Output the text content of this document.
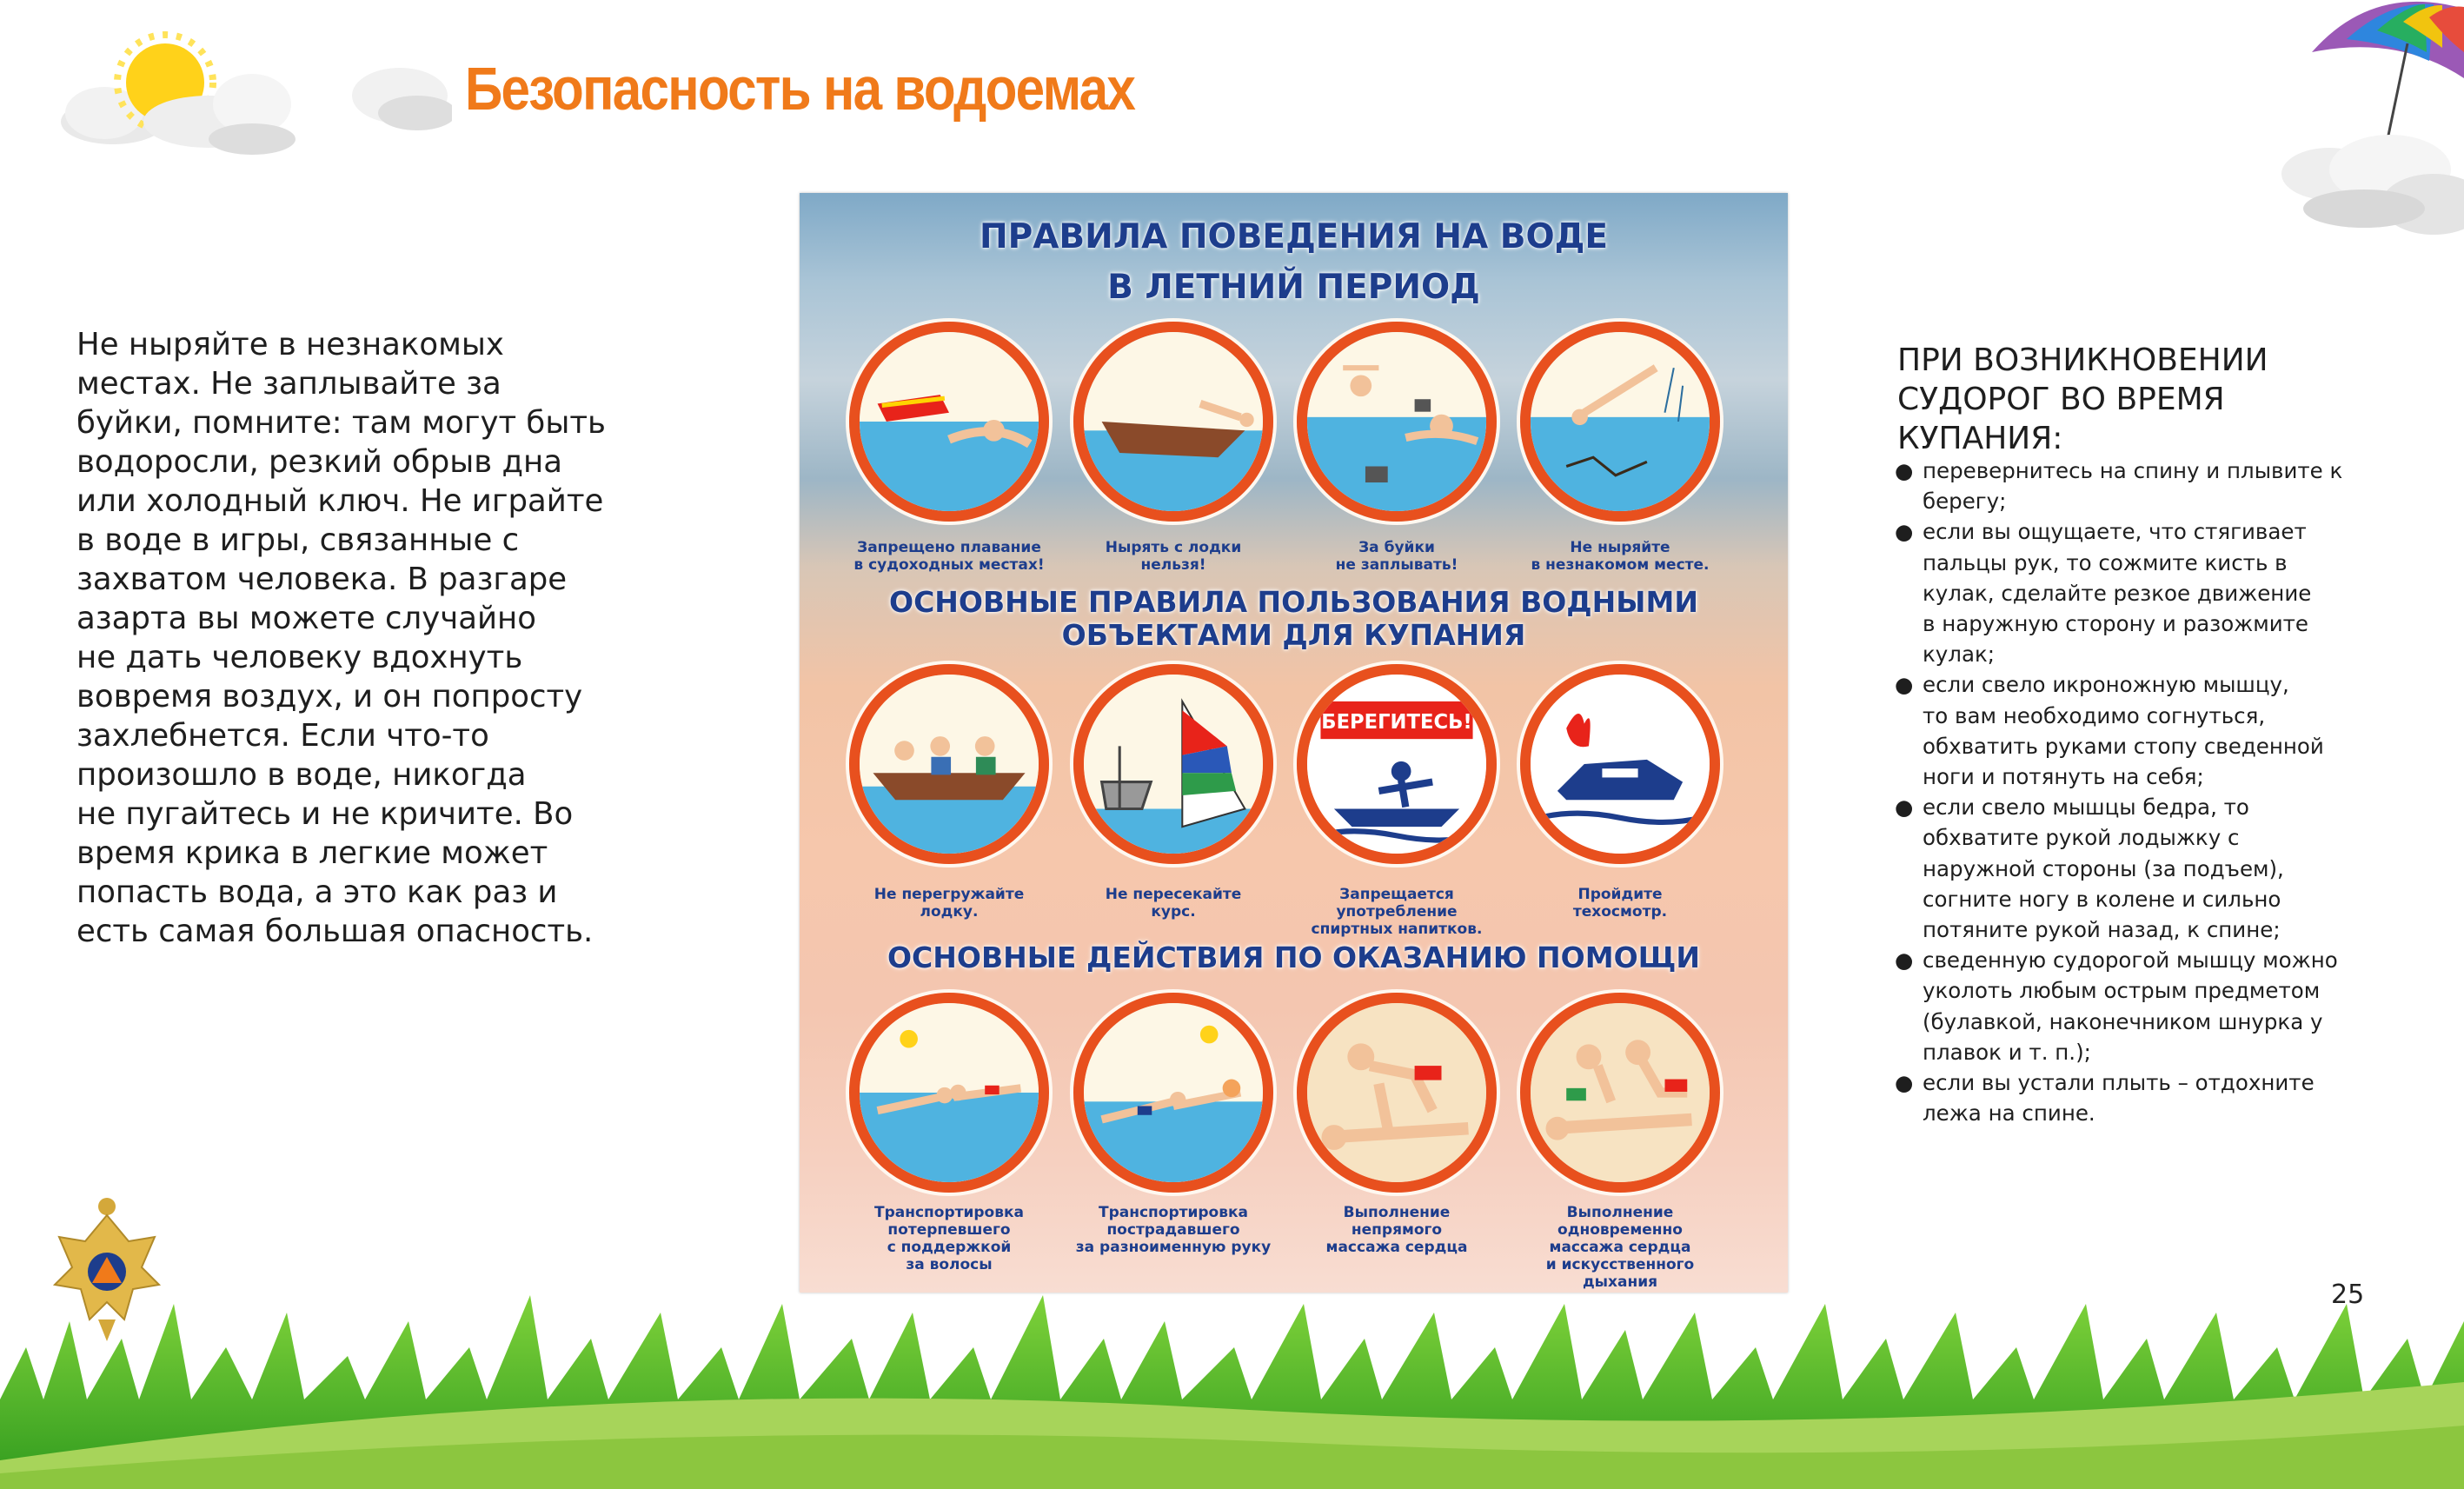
Безопасность на водоемах
Не ныряйте в незнакомых
местах. Не заплывайте за
буйки, помните: там могут быть
водоросли, резкий обрыв дна
или холодный ключ. Не играйте
в воде в игры, связанные с
захватом человека. В разгаре
азарта вы можете случайно
не дать человеку вдохнуть
вовремя воздух, и он попросту
захлебнется. Если что-то
произошло в воде, никогда
не пугайтесь и не кричите. Во
время крика в легкие может
попасть вода, а это как раз и
есть самая большая опасность.
ПРАВИЛА ПОВЕДЕНИЯ НА ВОДЕ
В ЛЕТНИЙ ПЕРИОД
Запрещено плавание
в судоходных местах!
Нырять с лодки
нельзя!
За буйки
не заплывать!
Не ныряйте
в незнакомом месте.
ОСНОВНЫЕ ПРАВИЛА ПОЛЬЗОВАНИЯ ВОДНЫМИ
ОБЪЕКТАМИ ДЛЯ КУПАНИЯ
БЕРЕГИТЕСЬ!
Не перегружайте
лодку.
Не пересекайте
курс.
Запрещается
употребление
спиртных напитков.
Пройдите
техосмотр.
ОСНОВНЫЕ ДЕЙСТВИЯ ПО ОКАЗАНИЮ ПОМОЩИ
Транспортировка
потерпевшего
с поддержкой
за волосы
Транспортировка
пострадавшего
за разноименную руку
Выполнение
непрямого
массажа сердца
Выполнение
одновременно
массажа сердца
и искусственного
дыхания
ПРИ ВОЗНИКНОВЕНИИ
СУДОРОГ ВО ВРЕМЯ
КУПАНИЯ:
● перевернитесь на спину и плывите к
берегу;
● если вы ощущаете, что стягивает
пальцы рук, то сожмите кисть в
кулак, сделайте резкое движение
в наружную сторону и разожмите
кулак;
● если свело икроножную мышцу,
то вам необходимо согнуться,
обхватить руками стопу сведенной
ноги и потянуть на себя;
● если свело мышцы бедра, то
обхватите рукой лодыжку с
наружной стороны (за подъем),
согните ногу в колене и сильно
потяните рукой назад, к спине;
● сведенную судорогой мышцу можно
уколоть любым острым предметом
(булавкой, наконечником шнурка у
плавок и т. п.);
● если вы устали плыть – отдохните
лежа на спине.
25
